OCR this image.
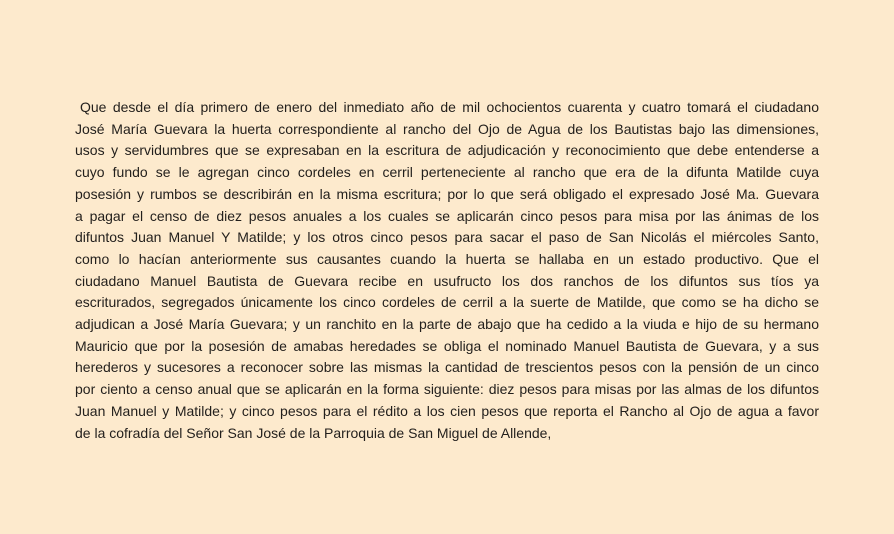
Que desde el día primero de enero del inmediato año de mil ochocientos cuarenta y cuatro tomará el ciudadano
José María Guevara la huerta correspondiente al rancho del Ojo de Agua de los Bautistas bajo las dimensiones,
usos y servidumbres que se expresaban en la escritura de adjudicación y reconocimiento que debe entenderse a
cuyo fundo se le agregan cinco cordeles en cerril perteneciente al rancho que era de la difunta Matilde cuya
posesión y rumbos se describirán en la misma escritura; por lo que será obligado el expresado José Ma. Guevara
a pagar el censo de diez pesos anuales a los cuales se aplicarán cinco pesos para misa por las ánimas de los
difuntos Juan Manuel Y Matilde; y los otros cinco pesos para sacar el paso de San Nicolás el miércoles Santo,
como lo hacían anteriormente sus causantes cuando la huerta se hallaba en un estado productivo. Que el
ciudadano Manuel Bautista de Guevara recibe en usufructo los dos ranchos de los difuntos sus tíos ya
escriturados, segregados únicamente los cinco cordeles de cerril a la suerte de Matilde, que como se ha dicho se
adjudican a José María Guevara; y un ranchito en la parte de abajo que ha cedido a la viuda e hijo de su hermano
Mauricio que por la posesión de amabas heredades se obliga el nominado Manuel Bautista de Guevara, y a sus
herederos y sucesores a reconocer sobre las mismas la cantidad de trescientos pesos con la pensión de un cinco
por ciento a censo anual que se aplicarán en la forma siguiente: diez pesos para misas por las almas de los difuntos
Juan Manuel y Matilde; y cinco pesos para el rédito a los cien pesos que reporta el Rancho al Ojo de agua a favor
de la cofradía del Señor San José de la Parroquia de San Miguel de Allende,
